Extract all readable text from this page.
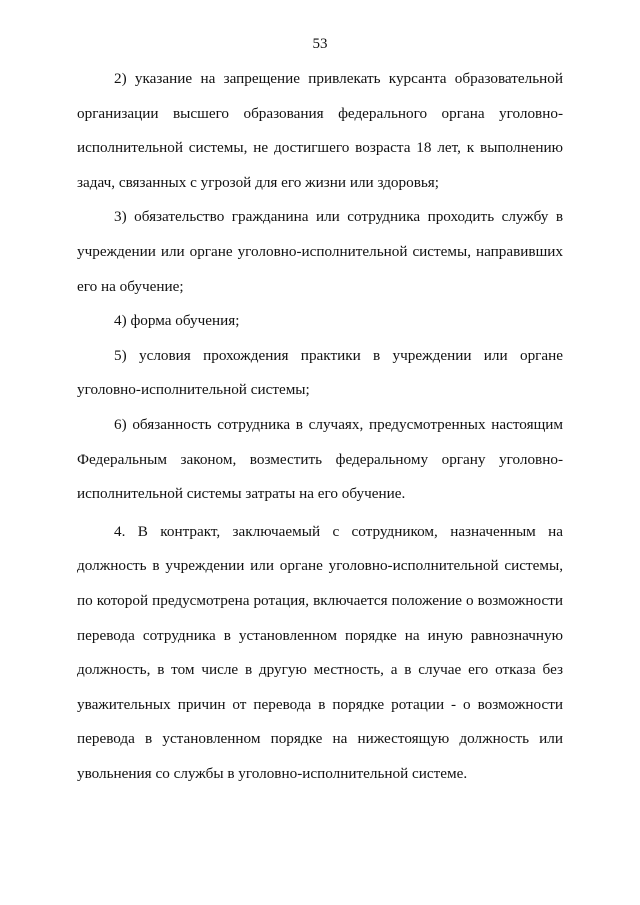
53
2) указание на запрещение привлекать курсанта образовательной
организации высшего образования федерального органа уголовно-
исполнительной системы, не достигшего возраста 18 лет, к выполнению
задач, связанных с угрозой для его жизни или здоровья;
3) обязательство гражданина или сотрудника проходить службу в
учреждении или органе уголовно-исполнительной системы, направивших
его на обучение;
4) форма обучения;
5) условия прохождения практики в учреждении или органе
уголовно-исполнительной системы;
6) обязанность сотрудника в случаях, предусмотренных настоящим
Федеральным законом, возместить федеральному органу уголовно-
исполнительной системы затраты на его обучение.
4. В контракт, заключаемый с сотрудником, назначенным на
должность в учреждении или органе уголовно-исполнительной системы,
по которой предусмотрена ротация, включается положение о возможности
перевода сотрудника в установленном порядке на иную равнозначную
должность, в том числе в другую местность, а в случае его отказа без
уважительных причин от перевода в порядке ротации - о возможности
перевода в установленном порядке на нижестоящую должность или
увольнения со службы в уголовно-исполнительной системе.
